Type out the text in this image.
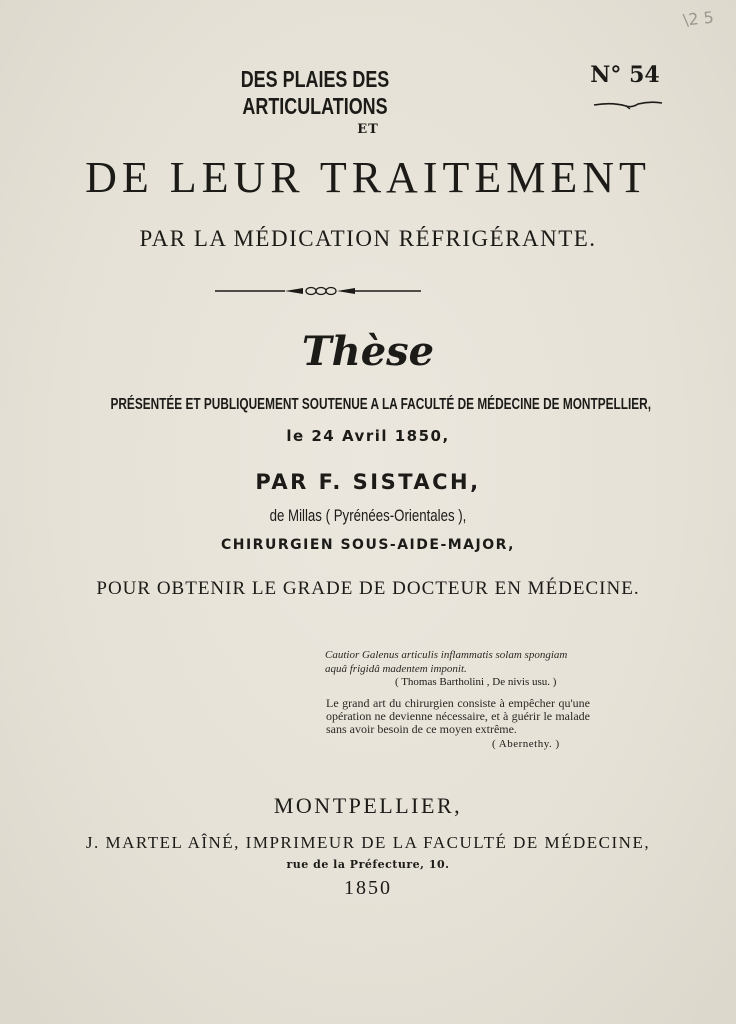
\2 5
DES PLAIES DES ARTICULATIONS
N° 54
ET
DE LEUR TRAITEMENT
PAR LA MÉDICATION RÉFRIGÉRANTE.
Thèse
PRÉSENTÉE ET PUBLIQUEMENT SOUTENUE A LA FACULTÉ DE MÉDECINE DE MONTPELLIER,
le 24 Avril 1850,
PAR F. SISTACH,
de Millas ( Pyrénées-Orientales ),
CHIRURGIEN SOUS-AIDE-MAJOR,
POUR OBTENIR LE GRADE DE DOCTEUR EN MÉDECINE.
Cautior Galenus articulis inflammatis solam spongiam aquâ frigidâ madentem imponit.
( Thomas Bartholini , De nivis usu. )
Le grand art du chirurgien consiste à empêcher qu'une opération ne devienne nécessaire, et à guérir le malade sans avoir besoin de ce moyen extrême.
( Abernethy. )
MONTPELLIER,
J. MARTEL AÎNÉ, IMPRIMEUR DE LA FACULTÉ DE MÉDECINE,
rue de la Préfecture, 10.
1850
